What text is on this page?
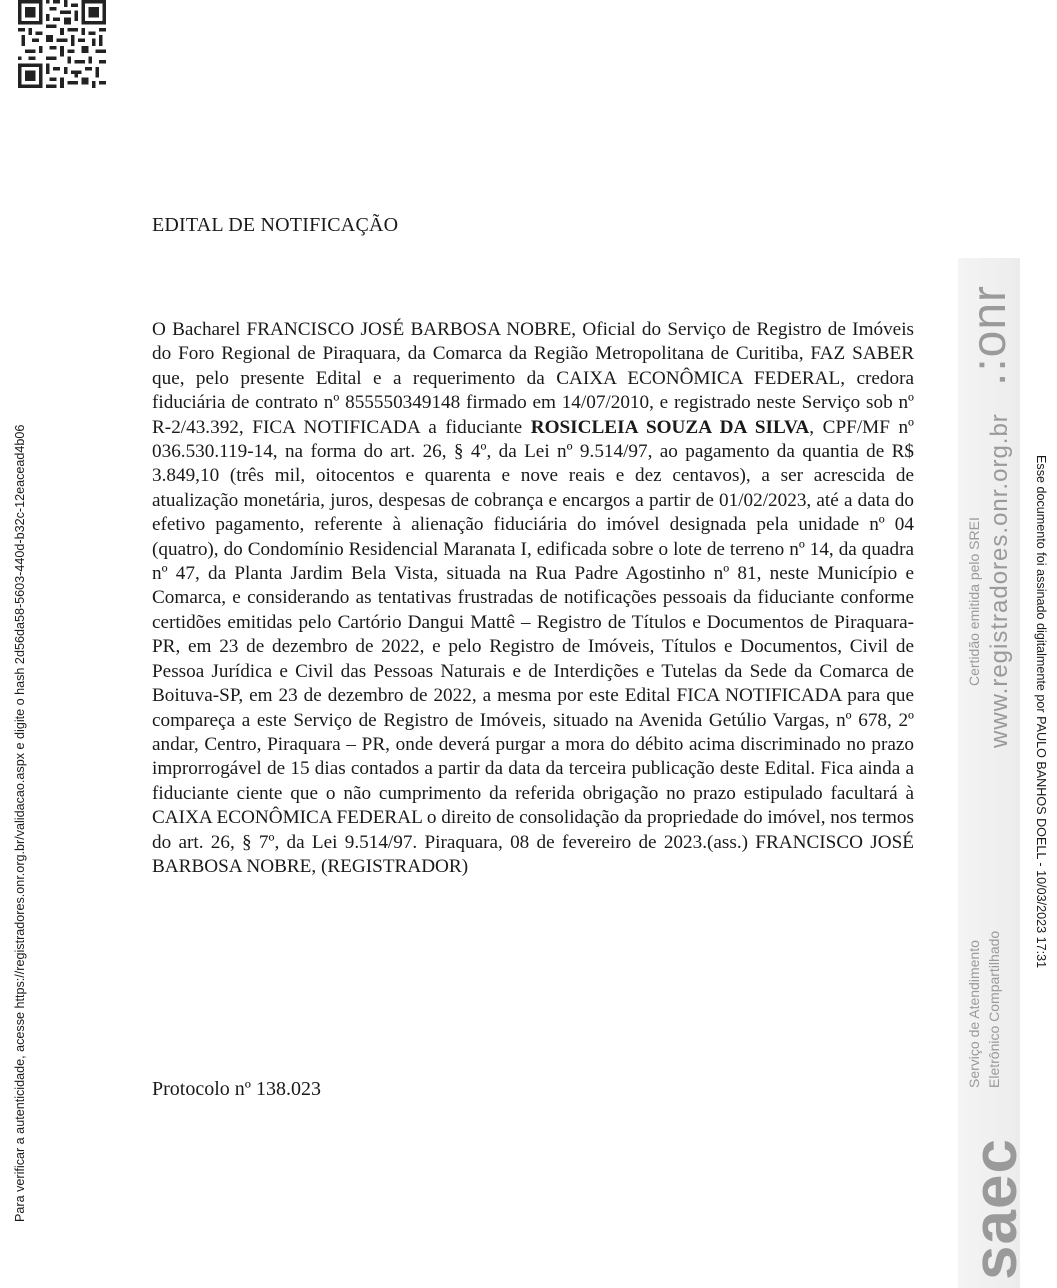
Para verificar a autenticidade, acesse https://registradores.onr.org.br/validacao.aspx e digite o hash 2d56da58-5603-440d-b32c-12eacead4b06
EDITAL DE NOTIFICAÇÃO

O Bacharel FRANCISCO JOSÉ BARBOSA NOBRE, Oficial do Serviço de Registro de Imóveis do Foro Regional de Piraquara, da Comarca da Região Metropolitana de Curitiba, FAZ SABER que, pelo presente Edital e a requerimento da CAIXA ECONÔMICA FEDERAL, credora fiduciária de contrato nº 855550349148 firmado em 14/07/2010, e registrado neste Serviço sob nº R-2/43.392, FICA NOTIFICADA a fiduciante ROSICLEIA SOUZA DA SILVA, CPF/MF nº 036.530.119-14, na forma do art. 26, § 4º, da Lei nº 9.514/97, ao pagamento da quantia de R$ 3.849,10 (três mil, oitocentos e quarenta e nove reais e dez centavos), a ser acrescida de atualização monetária, juros, despesas de cobrança e encargos a partir de 01/02/2023, até a data do efetivo pagamento, referente à alienação fiduciária do imóvel designada pela unidade nº 04 (quatro), do Condomínio Residencial Maranata I, edificada sobre o lote de terreno nº 14, da quadra nº 47, da Planta Jardim Bela Vista, situada na Rua Padre Agostinho nº 81, neste Município e Comarca, e considerando as tentativas frustradas de notificações pessoais da fiduciante conforme certidões emitidas pelo Cartório Dangui Mattê – Registro de Títulos e Documentos de Piraquara-PR, em 23 de dezembro de 2022, e pelo Registro de Imóveis, Títulos e Documentos, Civil de Pessoa Jurídica e Civil das Pessoas Naturais e de Interdições e Tutelas da Sede da Comarca de Boituva-SP, em 23 de dezembro de 2022, a mesma por este Edital FICA NOTIFICADA para que compareça a este Serviço de Registro de Imóveis, situado na Avenida Getúlio Vargas, nº 678, 2º andar, Centro, Piraquara – PR, onde deverá purgar a mora do débito acima discriminado no prazo improrrogável de 15 dias contados a partir da data da terceira publicação deste Edital. Fica ainda a fiduciante ciente que o não cumprimento da referida obrigação no prazo estipulado facultará à CAIXA ECONÔMICA FEDERAL o direito de consolidação da propriedade do imóvel, nos termos do art. 26, § 7º, da Lei 9.514/97. Piraquara, 08 de fevereiro de 2023.(ass.) FRANCISCO JOSÉ BARBOSA NOBRE, (REGISTRADOR)

Protocolo nº 138.023
.:onr
Certidão emitida pelo SREI www.registradores.onr.org.br
Serviço de Atendimento Eletrônico Compartilhado
saec
Esse documento foi assinado digitalmente por PAULO BANHOS DOELL - 10/03/2023 17:31
